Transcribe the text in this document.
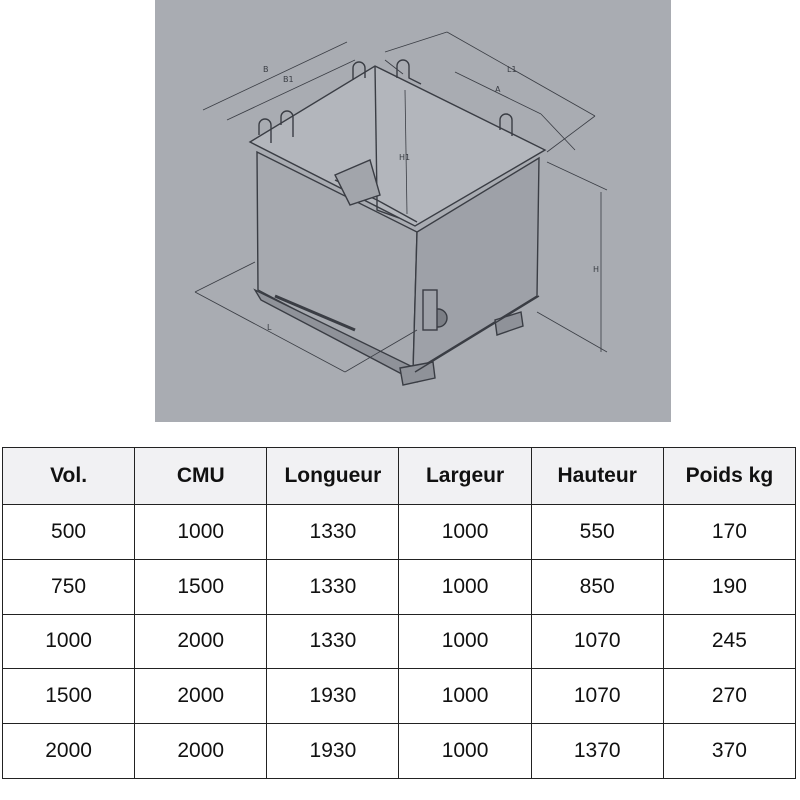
B
B1
L1
A
H1
H
L
Vol.	CMU	Longueur	Largeur	Hauteur	Poids kg
500	1000	1330	1000	550	170
750	1500	1330	1000	850	190
1000	2000	1330	1000	1070	245
1500	2000	1930	1000	1070	270
2000	2000	1930	1000	1370	370
